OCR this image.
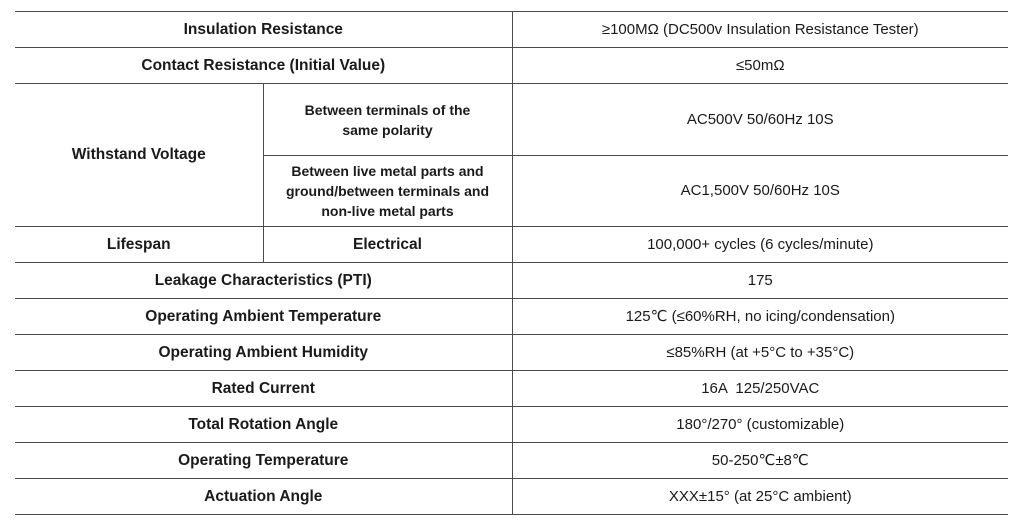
Insulation Resistance		≥100MΩ (DC500v Insulation Resistance Tester)
Contact Resistance (Initial Value)		≤50mΩ
Withstand Voltage	Between terminals of the same polarity	AC500V 50/60Hz 10S

	Between live metal parts and ground/between terminals and non-live metal parts	AC1,500V 50/60Hz 10S
Lifespan	Electrical	100,000+ cycles (6 cycles/minute)
Leakage Characteristics (PTI)		175
Operating Ambient Temperature		125℃ (≤60%RH, no icing/condensation)
Operating Ambient Humidity		≤85%RH (at +5°C to +35°C)
Rated Current		16A  125/250VAC
Total Rotation Angle		180°/270° (customizable)
Operating Temperature		50-250℃±8℃
Actuation Angle		XXX±15° (at 25°C ambient)
